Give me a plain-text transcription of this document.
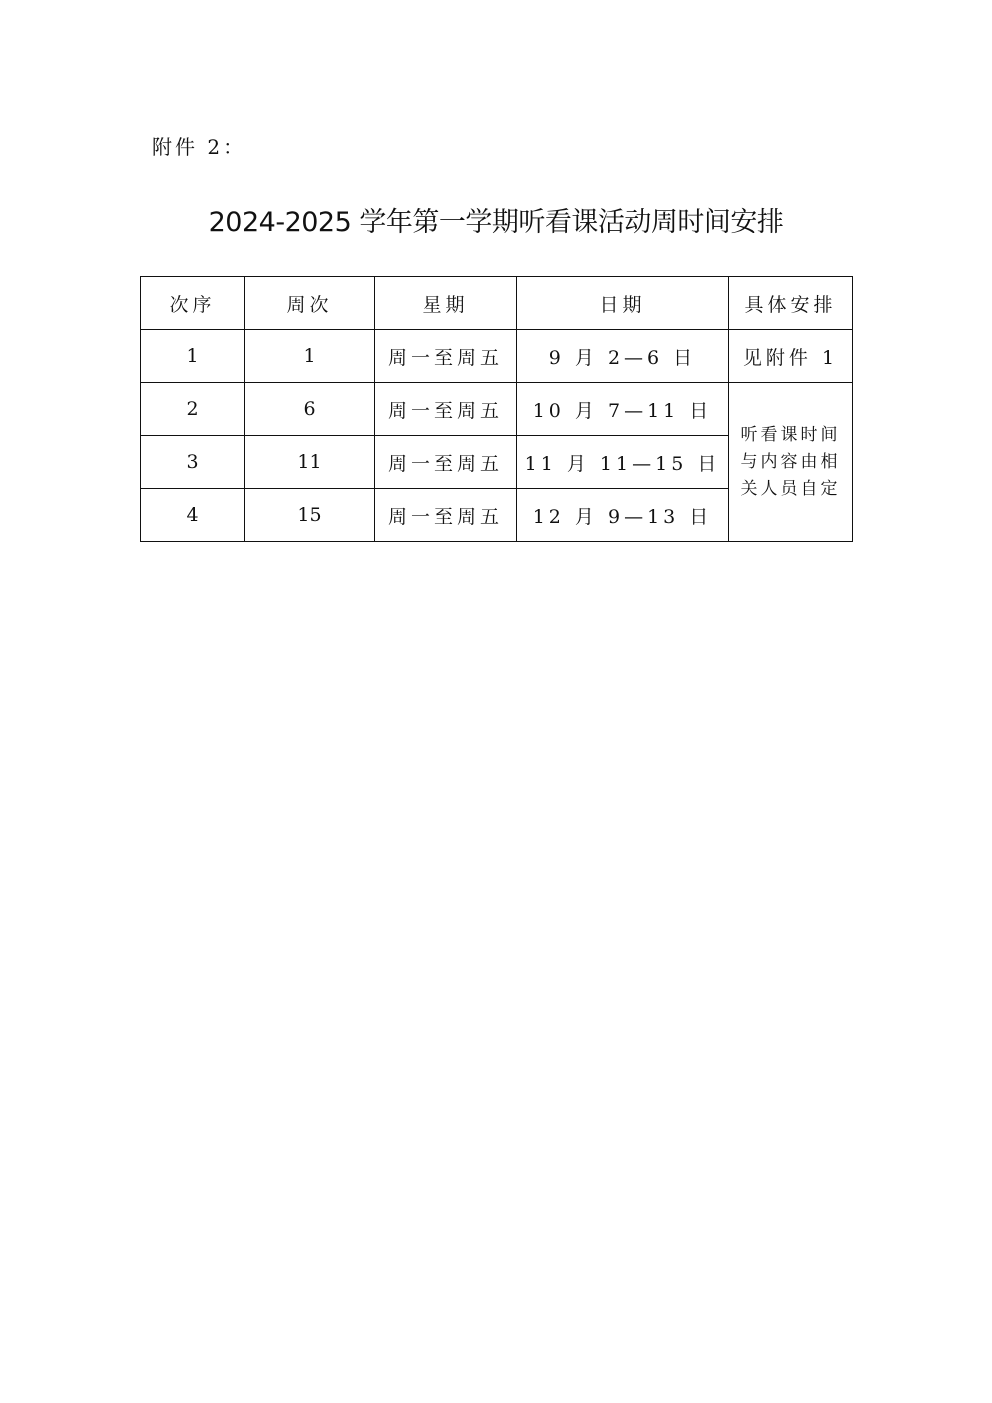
附件 2：
2024-2025 学年第一学期听看课活动周时间安排
次序	周次	星期	日期	具体安排
1	1	周一至周五	9 月 2—6 日	见附件 1
2	6	周一至周五	10 月 7—11 日	听看课时间与内容由相关人员自定
3	11	周一至周五	11 月 11—15 日	
4	15	周一至周五	12 月 9—13 日	
